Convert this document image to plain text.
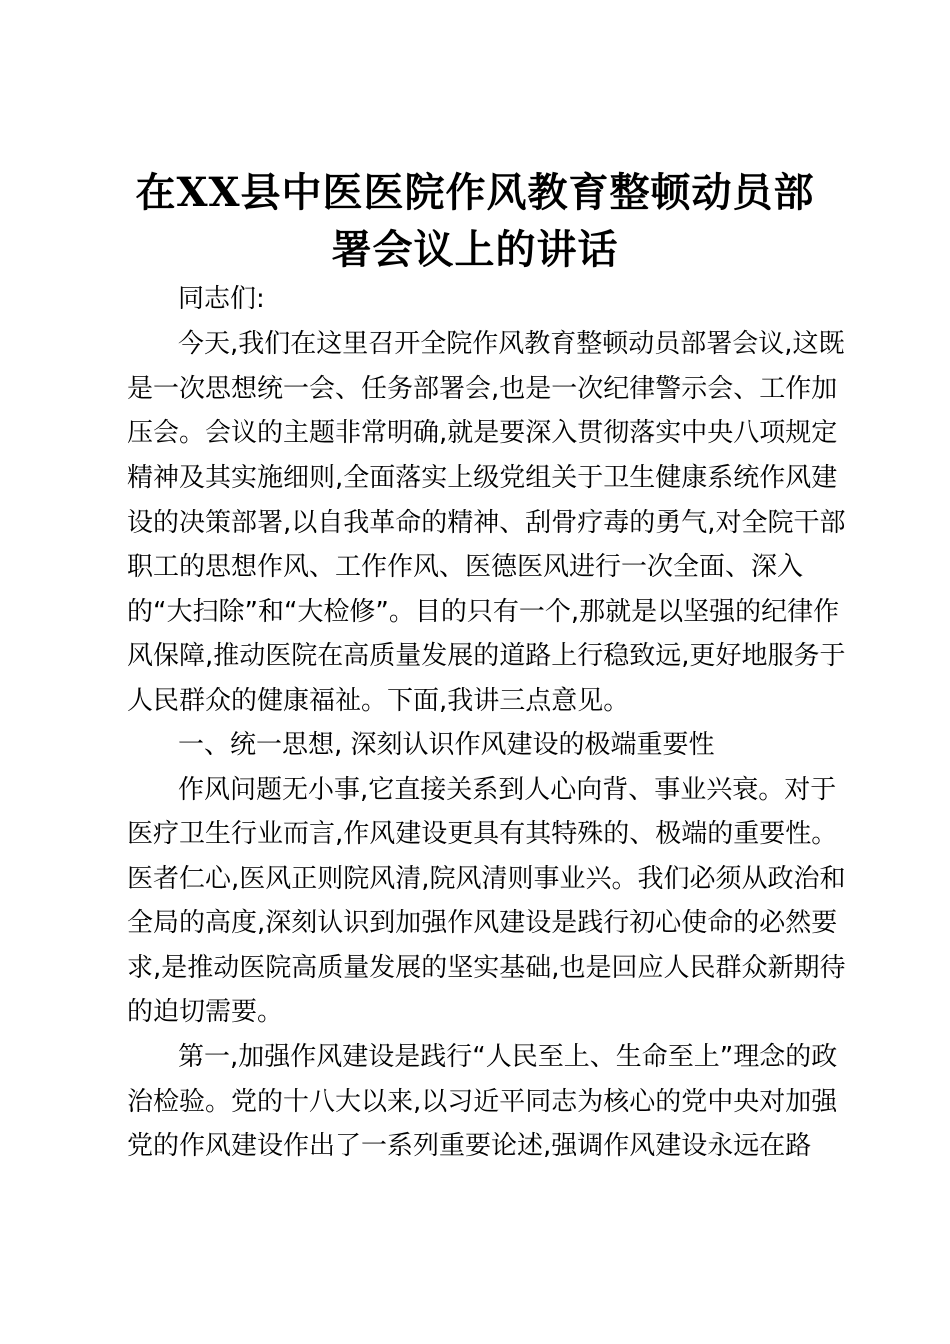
在XX县中医医院作风教育整顿动员部
署会议上的讲话
同志们:
今天,我们在这里召开全院作风教育整顿动员部署会议,这既
是一次思想统一会、任务部署会,也是一次纪律警示会、工作加
压会。会议的主题非常明确,就是要深入贯彻落实中央八项规定
精神及其实施细则,全面落实上级党组关于卫生健康系统作风建
设的决策部署,以自我革命的精神、刮骨疗毒的勇气,对全院干部
职工的思想作风、工作作风、医德医风进行一次全面、深入
的“大扫除”和“大检修”。目的只有一个,那就是以坚强的纪律作
风保障,推动医院在高质量发展的道路上行稳致远,更好地服务于
人民群众的健康福祉。下面,我讲三点意见。
一、统一思想, 深刻认识作风建设的极端重要性
作风问题无小事,它直接关系到人心向背、事业兴衰。对于
医疗卫生行业而言,作风建设更具有其特殊的、极端的重要性。
医者仁心,医风正则院风清,院风清则事业兴。我们必须从政治和
全局的高度,深刻认识到加强作风建设是践行初心使命的必然要
求,是推动医院高质量发展的坚实基础,也是回应人民群众新期待
的迫切需要。
第一,加强作风建设是践行“人民至上、生命至上”理念的政
治检验。党的十八大以来,以习近平同志为核心的党中央对加强
党的作风建设作出了一系列重要论述,强调作风建设永远在路
